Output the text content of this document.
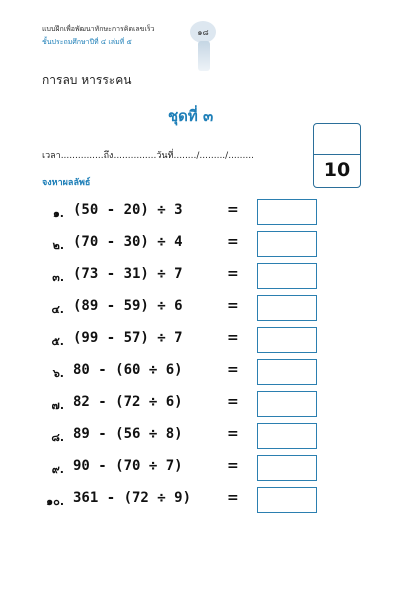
แบบฝึกเพื่อพัฒนาทักษะการคิดเลขเร็ว
ชั้นประถมศึกษาปีที่ ๔ เล่มที่ ๕
๑๘
การลบ หารระคน
ชุดที่ ๓
10
เวลา...............ถึง...............วันที่......../........./.........
จงหาผลลัพธ์
๑. (50 - 20) ÷ 3	=
๒. (70 - 30) ÷ 4	=
๓. (73 - 31) ÷ 7	=
๔. (89 - 59) ÷ 6	=
๕. (99 - 57) ÷ 7	=
๖. 80 - (60 ÷ 6)	=
๗. 82 - (72 ÷ 6)	=
๘. 89 - (56 ÷ 8)	=
๙. 90 - (70 ÷ 7)	=
๑๐. 361 - (72 ÷ 9)	=
